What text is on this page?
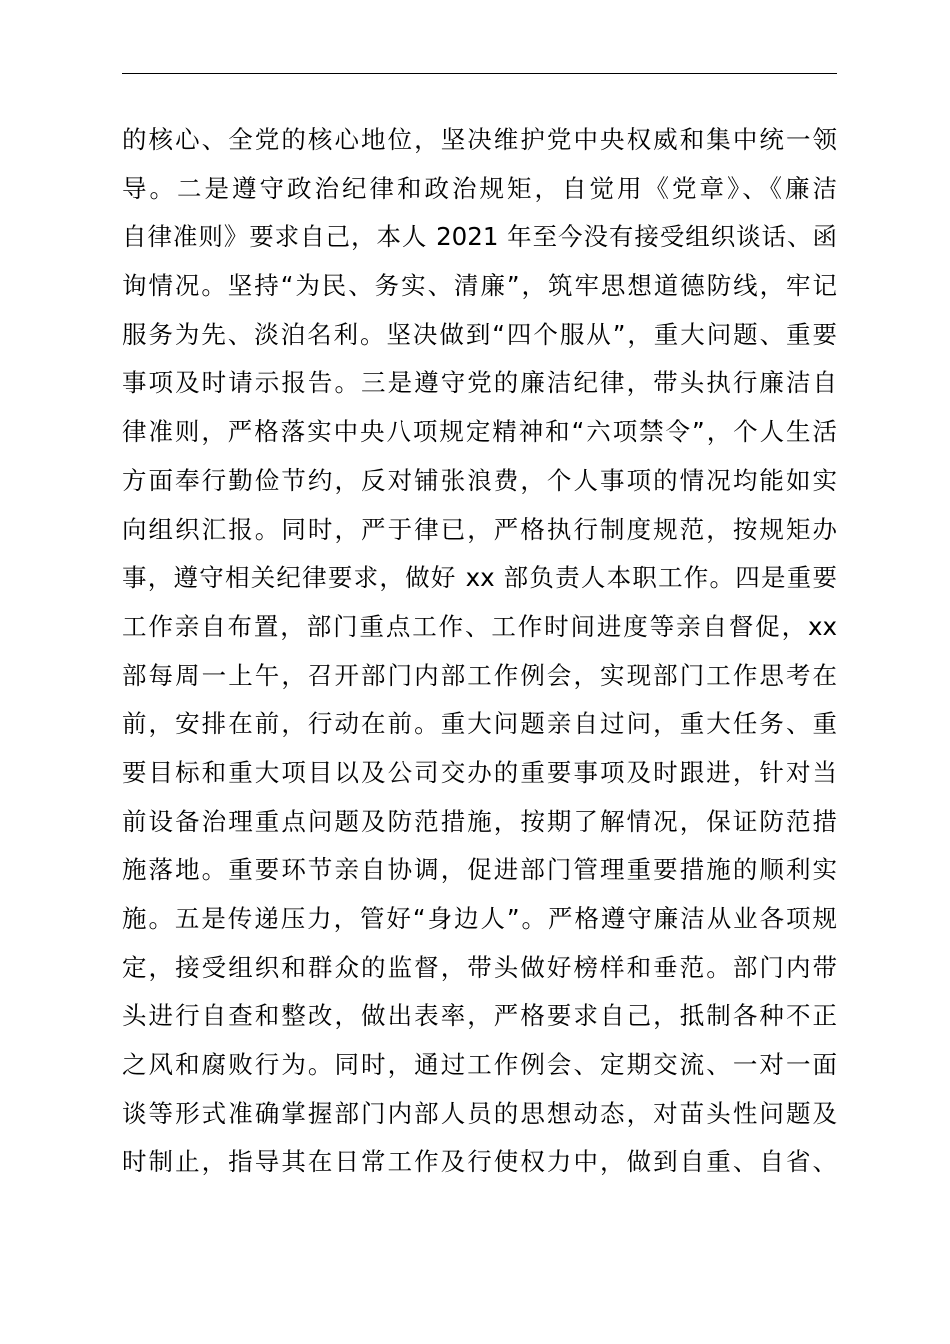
的核心、全党的核心地位，坚决维护党中央权威和集中统一领
导。二是遵守政治纪律和政治规矩，自觉用《党章》、《廉洁
自律准则》要求自己，本人 2021 年至今没有接受组织谈话、函
询情况。坚持“为民、务实、清廉”，筑牢思想道德防线，牢记
服务为先、淡泊名利。坚决做到“四个服从”，重大问题、重要
事项及时请示报告。三是遵守党的廉洁纪律，带头执行廉洁自
律准则，严格落实中央八项规定精神和“六项禁令”，个人生活
方面奉行勤俭节约，反对铺张浪费，个人事项的情况均能如实
向组织汇报。同时，严于律已，严格执行制度规范，按规矩办
事，遵守相关纪律要求，做好 xx 部负责人本职工作。四是重要
工作亲自布置，部门重点工作、工作时间进度等亲自督促，xx
部每周一上午，召开部门内部工作例会，实现部门工作思考在
前，安排在前，行动在前。重大问题亲自过问，重大任务、重
要目标和重大项目以及公司交办的重要事项及时跟进，针对当
前设备治理重点问题及防范措施，按期了解情况，保证防范措
施落地。重要环节亲自协调，促进部门管理重要措施的顺利实
施。五是传递压力，管好“身边人”。严格遵守廉洁从业各项规
定，接受组织和群众的监督，带头做好榜样和垂范。部门内带
头进行自查和整改，做出表率，严格要求自己，抵制各种不正
之风和腐败行为。同时，通过工作例会、定期交流、一对一面
谈等形式准确掌握部门内部人员的思想动态，对苗头性问题及
时制止，指导其在日常工作及行使权力中，做到自重、自省、
